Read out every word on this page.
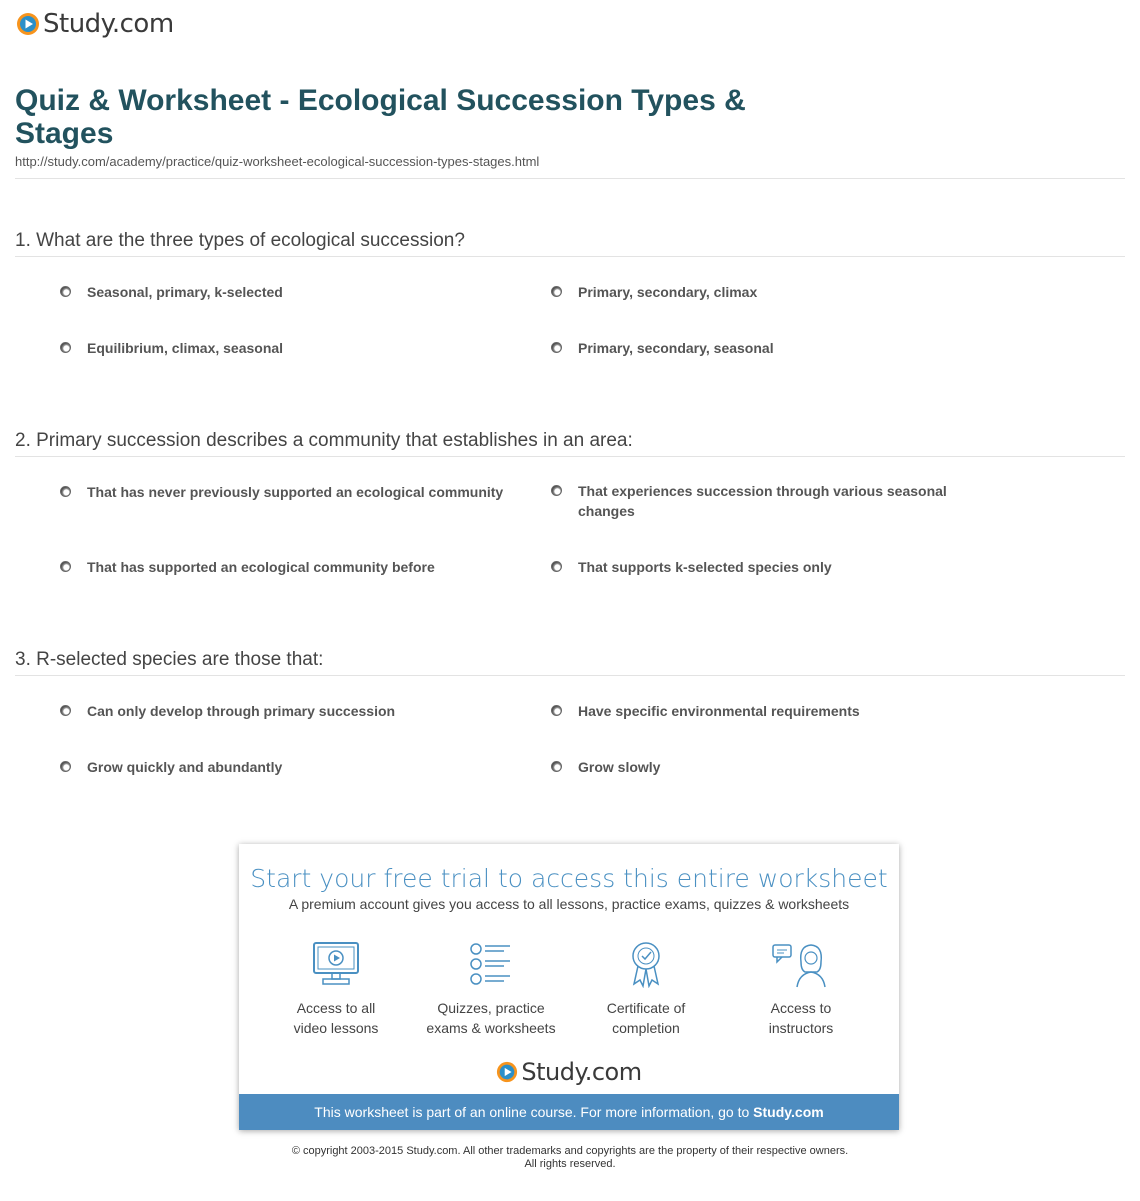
Study.com
Quiz & Worksheet - Ecological Succession Types & Stages
http://study.com/academy/practice/quiz-worksheet-ecological-succession-types-stages.html
1. What are the three types of ecological succession?
Seasonal, primary, k-selected	Primary, secondary, climax
Equilibrium, climax, seasonal	Primary, secondary, seasonal
2. Primary succession describes a community that establishes in an area:
That has never previously supported an ecological community	That experiences succession through various seasonal changes
That has supported an ecological community before	That supports k-selected species only
3. R-selected species are those that:
Can only develop through primary succession	Have specific environmental requirements
Grow quickly and abundantly	Grow slowly
Start your free trial to access this entire worksheet
A premium account gives you access to all lessons, practice exams, quizzes & worksheets
Access to all
video lessons
Quizzes, practice
exams & worksheets
Certificate of
completion
Access to
instructors
Study.com
This worksheet is part of an online course. For more information, go to Study.com
© copyright 2003-2015 Study.com. All other trademarks and copyrights are the property of their respective owners.
All rights reserved.
